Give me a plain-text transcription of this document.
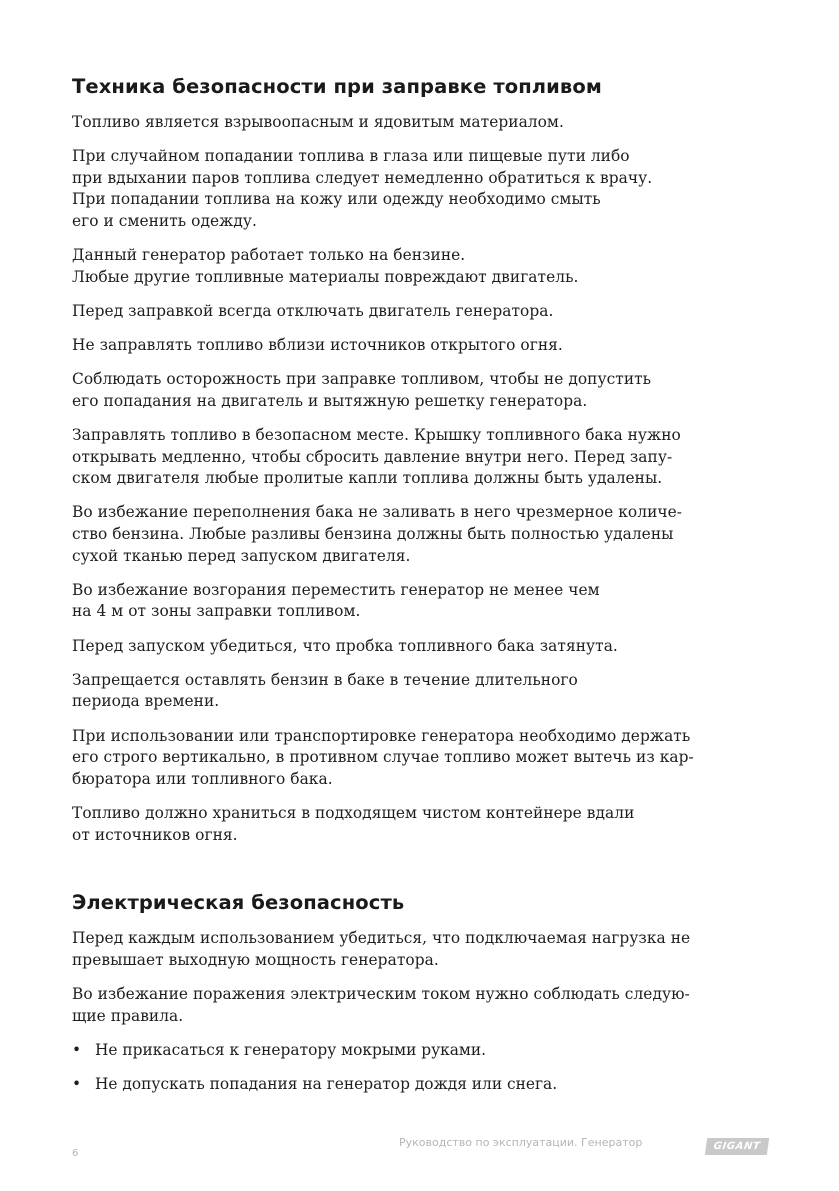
Техника безопасности при заправке топливом

Топливо является взрывоопасным и ядовитым материалом.

При случайном попадании топлива в глаза или пищевые пути либо
при вдыхании паров топлива следует немедленно обратиться к врачу.
При попадании топлива на кожу или одежду необходимо смыть
его и сменить одежду.

Данный генератор работает только на бензине.
Любые другие топливные материалы повреждают двигатель.

Перед заправкой всегда отключать двигатель генератора.

Не заправлять топливо вблизи источников открытого огня.

Соблюдать осторожность при заправке топливом, чтобы не допустить
его попадания на двигатель и вытяжную решетку генератора.

Заправлять топливо в безопасном месте. Крышку топливного бака нужно
открывать медленно, чтобы сбросить давление внутри него. Перед запу-
ском двигателя любые пролитые капли топлива должны быть удалены.

Во избежание переполнения бака не заливать в него чрезмерное количе-
ство бензина. Любые разливы бензина должны быть полностью удалены
сухой тканью перед запуском двигателя.

Во избежание возгорания переместить генератор не менее чем
на 4 м от зоны заправки топливом.

Перед запуском убедиться, что пробка топливного бака затянута.

Запрещается оставлять бензин в баке в течение длительного
периода времени.

При использовании или транспортировке генератора необходимо держать
его строго вертикально, в противном случае топливо может вытечь из кар-
бюратора или топливного бака.

Топливо должно храниться в подходящем чистом контейнере вдали
от источников огня.

Электрическая безопасность

Перед каждым использованием убедиться, что подключаемая нагрузка не
превышает выходную мощность генератора.

Во избежание поражения электрическим током нужно соблюдать следую-
щие правила.

• Не прикасаться к генератору мокрыми руками.
• Не допускать попадания на генератор дождя или снега.
6
Руководство по эксплуатации. Генератор	GIGANT
